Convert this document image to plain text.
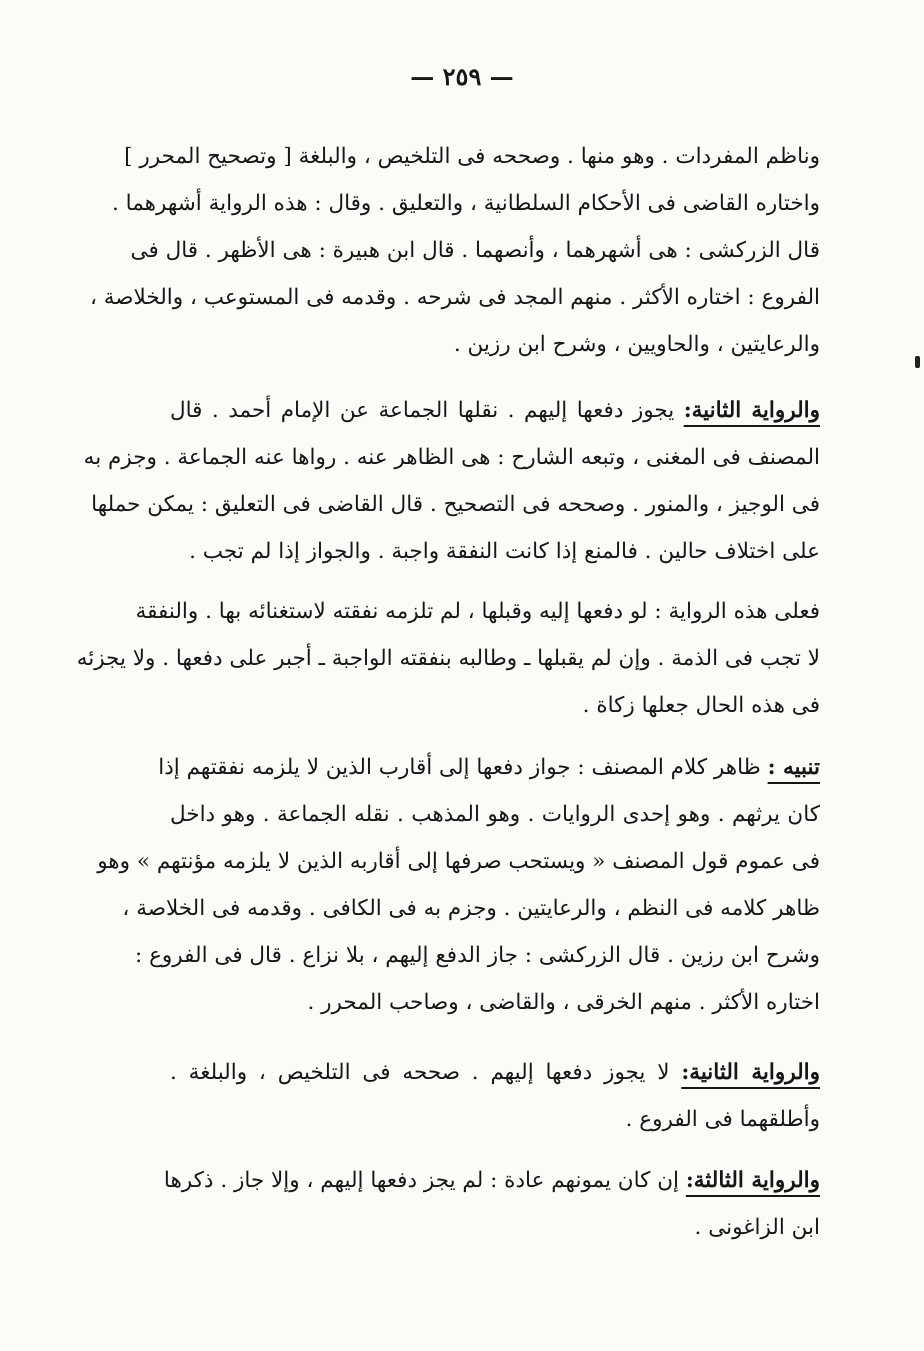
— ٢٥٩ —
وناظم المفردات . وهو منها . وصححه فى التلخيص ، والبلغة [ وتصحيح المحرر ]
واختاره القاضى فى الأحكام السلطانية ، والتعليق . وقال : هذه الرواية أشهرهما .
قال الزركشى : هى أشهرهما ، وأنصهما . قال ابن هبيرة : هى الأظهر . قال فى
الفروع : اختاره الأكثر . منهم المجد فى شرحه . وقدمه فى المستوعب ، والخلاصة ،
والرعايتين ، والحاويين ، وشرح ابن رزين .
والرواية الثانية: يجوز دفعها إليهم . نقلها الجماعة عن الإمام أحمد . قال
المصنف فى المغنى ، وتبعه الشارح : هى الظاهر عنه . رواها عنه الجماعة . وجزم به
فى الوجيز ، والمنور . وصححه فى التصحيح . قال القاضى فى التعليق : يمكن حملها
على اختلاف حالين . فالمنع إذا كانت النفقة واجبة . والجواز إذا لم تجب .
فعلى هذه الرواية : لو دفعها إليه وقبلها ، لم تلزمه نفقته لاستغنائه بها . والنفقة
لا تجب فى الذمة . وإن لم يقبلها ـ وطالبه بنفقته الواجبة ـ أجبر على دفعها . ولا يجزئه
فى هذه الحال جعلها زكاة .
تنبيه : ظاهر كلام المصنف : جواز دفعها إلى أقارب الذين لا يلزمه نفقتهم إذا
كان يرثهم . وهو إحدى الروايات . وهو المذهب . نقله الجماعة . وهو داخل
فى عموم قول المصنف « ويستحب صرفها إلى أقاربه الذين لا يلزمه مؤنتهم » وهو
ظاهر كلامه فى النظم ، والرعايتين . وجزم به فى الكافى . وقدمه فى الخلاصة ،
وشرح ابن رزين . قال الزركشى : جاز الدفع إليهم ، بلا نزاع . قال فى الفروع :
اختاره الأكثر . منهم الخرقى ، والقاضى ، وصاحب المحرر .
والرواية الثانية: لا يجوز دفعها إليهم . صححه فى التلخيص ، والبلغة .
وأطلقهما فى الفروع .
والرواية الثالثة: إن كان يمونهم عادة : لم يجز دفعها إليهم ، وإلا جاز . ذكرها
ابن الزاغونى .
